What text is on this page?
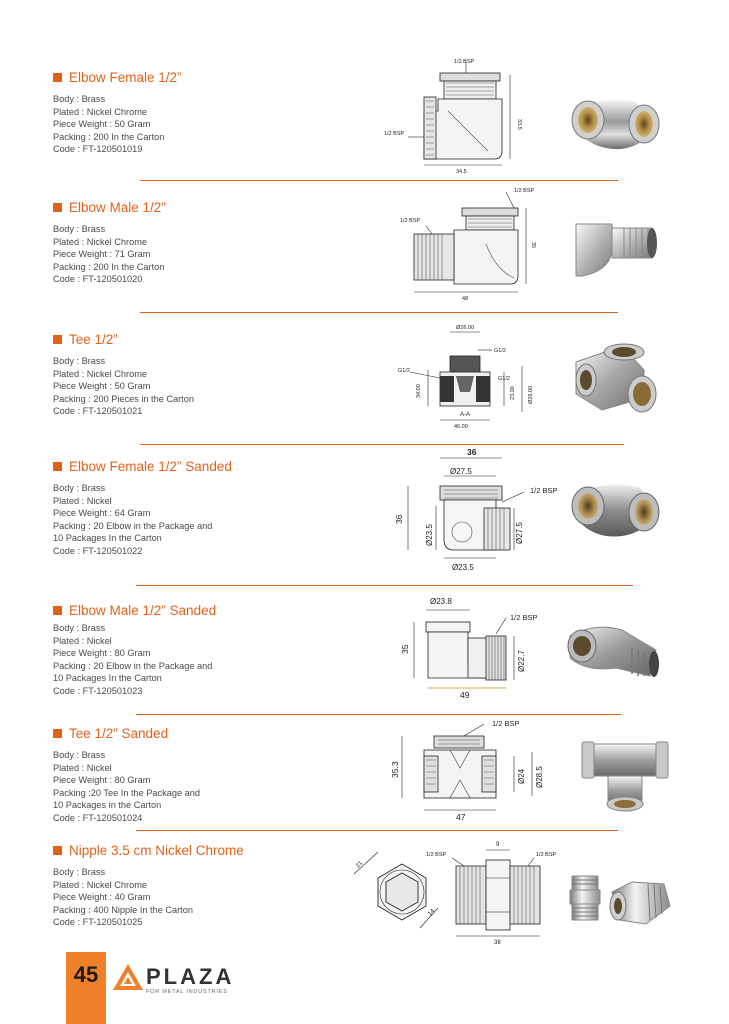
Elbow Female 1/2”
Body : Brass
Plated : Nickel Chrome
Piece Weight : 50 Gram
Packing : 200 In the Carton
Code : FT-120501019
1/2 BSP
1/2 BSP
33.5
34.5
Elbow Male 1/2”
Body : Brass
Plated : Nickel Chrome
Piece Weight : 71 Gram
Packing : 200 In the Carton
Code : FT-120501020
1/2 BSP
1/2 BSP
35
48
Tee 1/2”
Body : Brass
Plated : Nickel Chrome
Piece Weight : 50 Gram
Packing : 200 Pieces in the Carton
Code : FT-120501021
Ø26.00
G1/2
G1/2
G1/2
34.00	23.00 Ø26.00
A-A
46.00
Elbow Female 1/2” Sanded
Body : Brass
Plated : Nickel
Piece Weight : 64 Gram
Packing : 20 Elbow in the Package and
10 Packages In the Carton
Code : FT-120501022
36
Ø27.5
1/2 BSP
36
Ø23.5	Ø27.5
Ø23.5
Elbow Male 1/2” Sanded
Body : Brass
Plated : Nickel
Piece Weight : 80 Gram
Packing : 20 Elbow in the Package and
10 Packages In the Carton
Code : FT-120501023
Ø23.8
1/2 BSP
35
Ø22.7
49
Tee 1/2” Sanded
Body : Brass
Plated : Nickel
Piece Weight : 80 Gram
Packing :20 Tee In the Package and
10 Packages in the Carton
Code : FT-120501024
1/2 BSP
35.3	Ø24 Ø28.5
47
Nipple 3.5 cm Nickel Chrome
Body : Brass
Plated : Nickel Chrome
Piece Weight : 40 Gram
Packing : 400 Nipple In the Carton
Code : FT-120501025
21
14
9
1/2 BSP	1/2 BSP
38
45	PLAZA
FOR METAL INDUSTRIES
